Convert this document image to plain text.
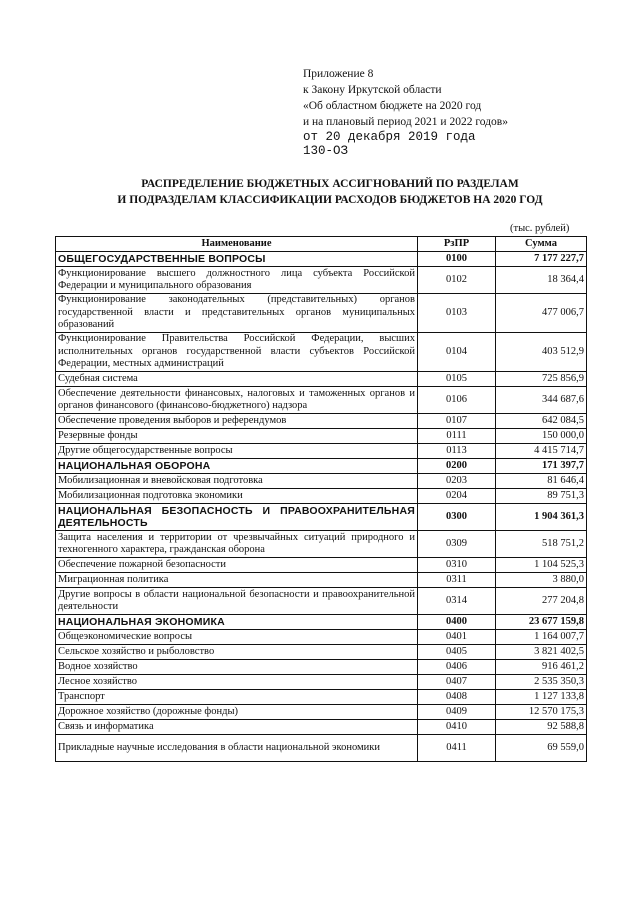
Приложение 8
к Закону Иркутской области
«Об областном бюджете на 2020 год
и на плановый период 2021 и 2022 годов»
от 20 декабря 2019 года
130-ОЗ
РАСПРЕДЕЛЕНИЕ БЮДЖЕТНЫХ АССИГНОВАНИЙ ПО РАЗДЕЛАМ
И ПОДРАЗДЕЛАМ КЛАССИФИКАЦИИ РАСХОДОВ БЮДЖЕТОВ НА 2020 ГОД
(тыс. рублей)
Наименование	РзПР	Сумма
ОБЩЕГОСУДАРСТВЕННЫЕ ВОПРОСЫ	0100	7 177 227,7
Функционирование высшего должностного лица субъекта Российской Федерации и муниципального образования	0102	18 364,4
Функционирование законодательных (представительных) органов государственной власти и представительных органов муниципальных образований	0103	477 006,7
Функционирование Правительства Российской Федерации, высших исполнительных органов государственной власти субъектов Российской Федерации, местных администраций	0104	403 512,9
Судебная система	0105	725 856,9
Обеспечение деятельности финансовых, налоговых и таможенных органов и органов финансового (финансово-бюджетного) надзора	0106	344 687,6
Обеспечение проведения выборов и референдумов	0107	642 084,5
Резервные фонды	0111	150 000,0
Другие общегосударственные вопросы	0113	4 415 714,7
НАЦИОНАЛЬНАЯ ОБОРОНА	0200	171 397,7
Мобилизационная и вневойсковая подготовка	0203	81 646,4
Мобилизационная подготовка экономики	0204	89 751,3
НАЦИОНАЛЬНАЯ БЕЗОПАСНОСТЬ И ПРАВООХРАНИТЕЛЬНАЯ ДЕЯТЕЛЬНОСТЬ	0300	1 904 361,3
Защита населения и территории от чрезвычайных ситуаций природного и техногенного характера, гражданская оборона	0309	518 751,2
Обеспечение пожарной безопасности	0310	1 104 525,3
Миграционная политика	0311	3 880,0
Другие вопросы в области национальной безопасности и правоохранительной деятельности	0314	277 204,8
НАЦИОНАЛЬНАЯ ЭКОНОМИКА	0400	23 677 159,8
Общеэкономические вопросы	0401	1 164 007,7
Сельское хозяйство и рыболовство	0405	3 821 402,5
Водное хозяйство	0406	916 461,2
Лесное хозяйство	0407	2 535 350,3
Транспорт	0408	1 127 133,8
Дорожное хозяйство (дорожные фонды)	0409	12 570 175,3
Связь и информатика	0410	92 588,8
Прикладные научные исследования в области национальной экономики	0411	69 559,0
